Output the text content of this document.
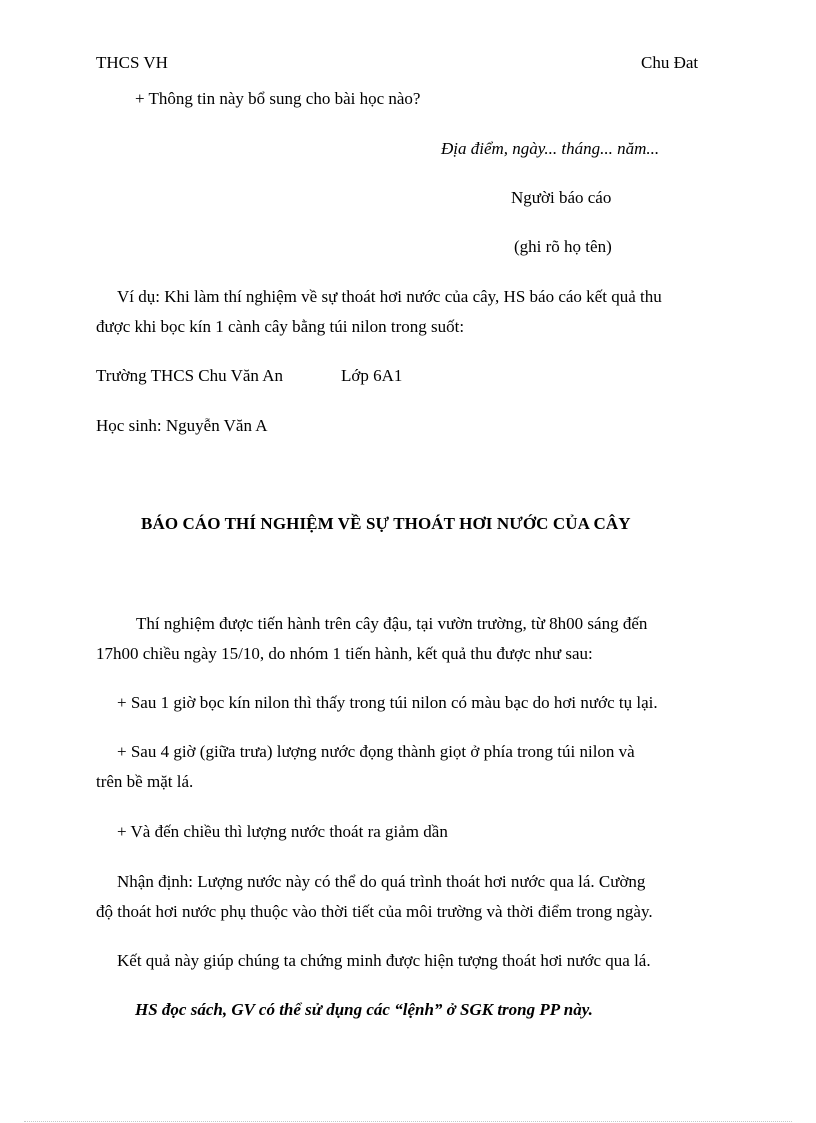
THCS VH	Chu Đat
+ Thông tin này bổ sung cho bài học nào?
Địa điểm, ngày... tháng... năm...
Người báo cáo
(ghi rõ họ tên)
Ví dụ: Khi làm thí nghiệm về sự thoát hơi nước của cây, HS báo cáo kết quả thu
được khi bọc kín 1 cành cây bằng túi nilon trong suốt:
Trường THCS Chu Văn An	Lớp 6A1
Học sinh: Nguyễn Văn A
BÁO CÁO THÍ NGHIỆM VỀ SỰ THOÁT HƠI NƯỚC CỦA CÂY
Thí nghiệm được tiến hành trên cây đậu, tại vườn trường, từ 8h00 sáng đến
17h00 chiều ngày 15/10, do nhóm 1 tiến hành, kết quả thu được như sau:
+ Sau 1 giờ bọc kín nilon thì thấy trong túi nilon có màu bạc do hơi nước tụ lại.
+ Sau 4 giờ (giữa trưa) lượng nước đọng thành giọt ở phía trong túi nilon và
trên bề mặt lá.
+ Và đến chiều thì lượng nước thoát ra giảm dần
Nhận định: Lượng nước này có thể do quá trình thoát hơi nước qua lá. Cường
độ thoát hơi nước phụ thuộc vào thời tiết của môi trường và thời điểm trong ngày.
Kết quả này giúp chúng ta chứng minh được hiện tượng thoát hơi nước qua lá.
HS đọc sách, GV có thể sử dụng các “lệnh” ở SGK trong PP này.
